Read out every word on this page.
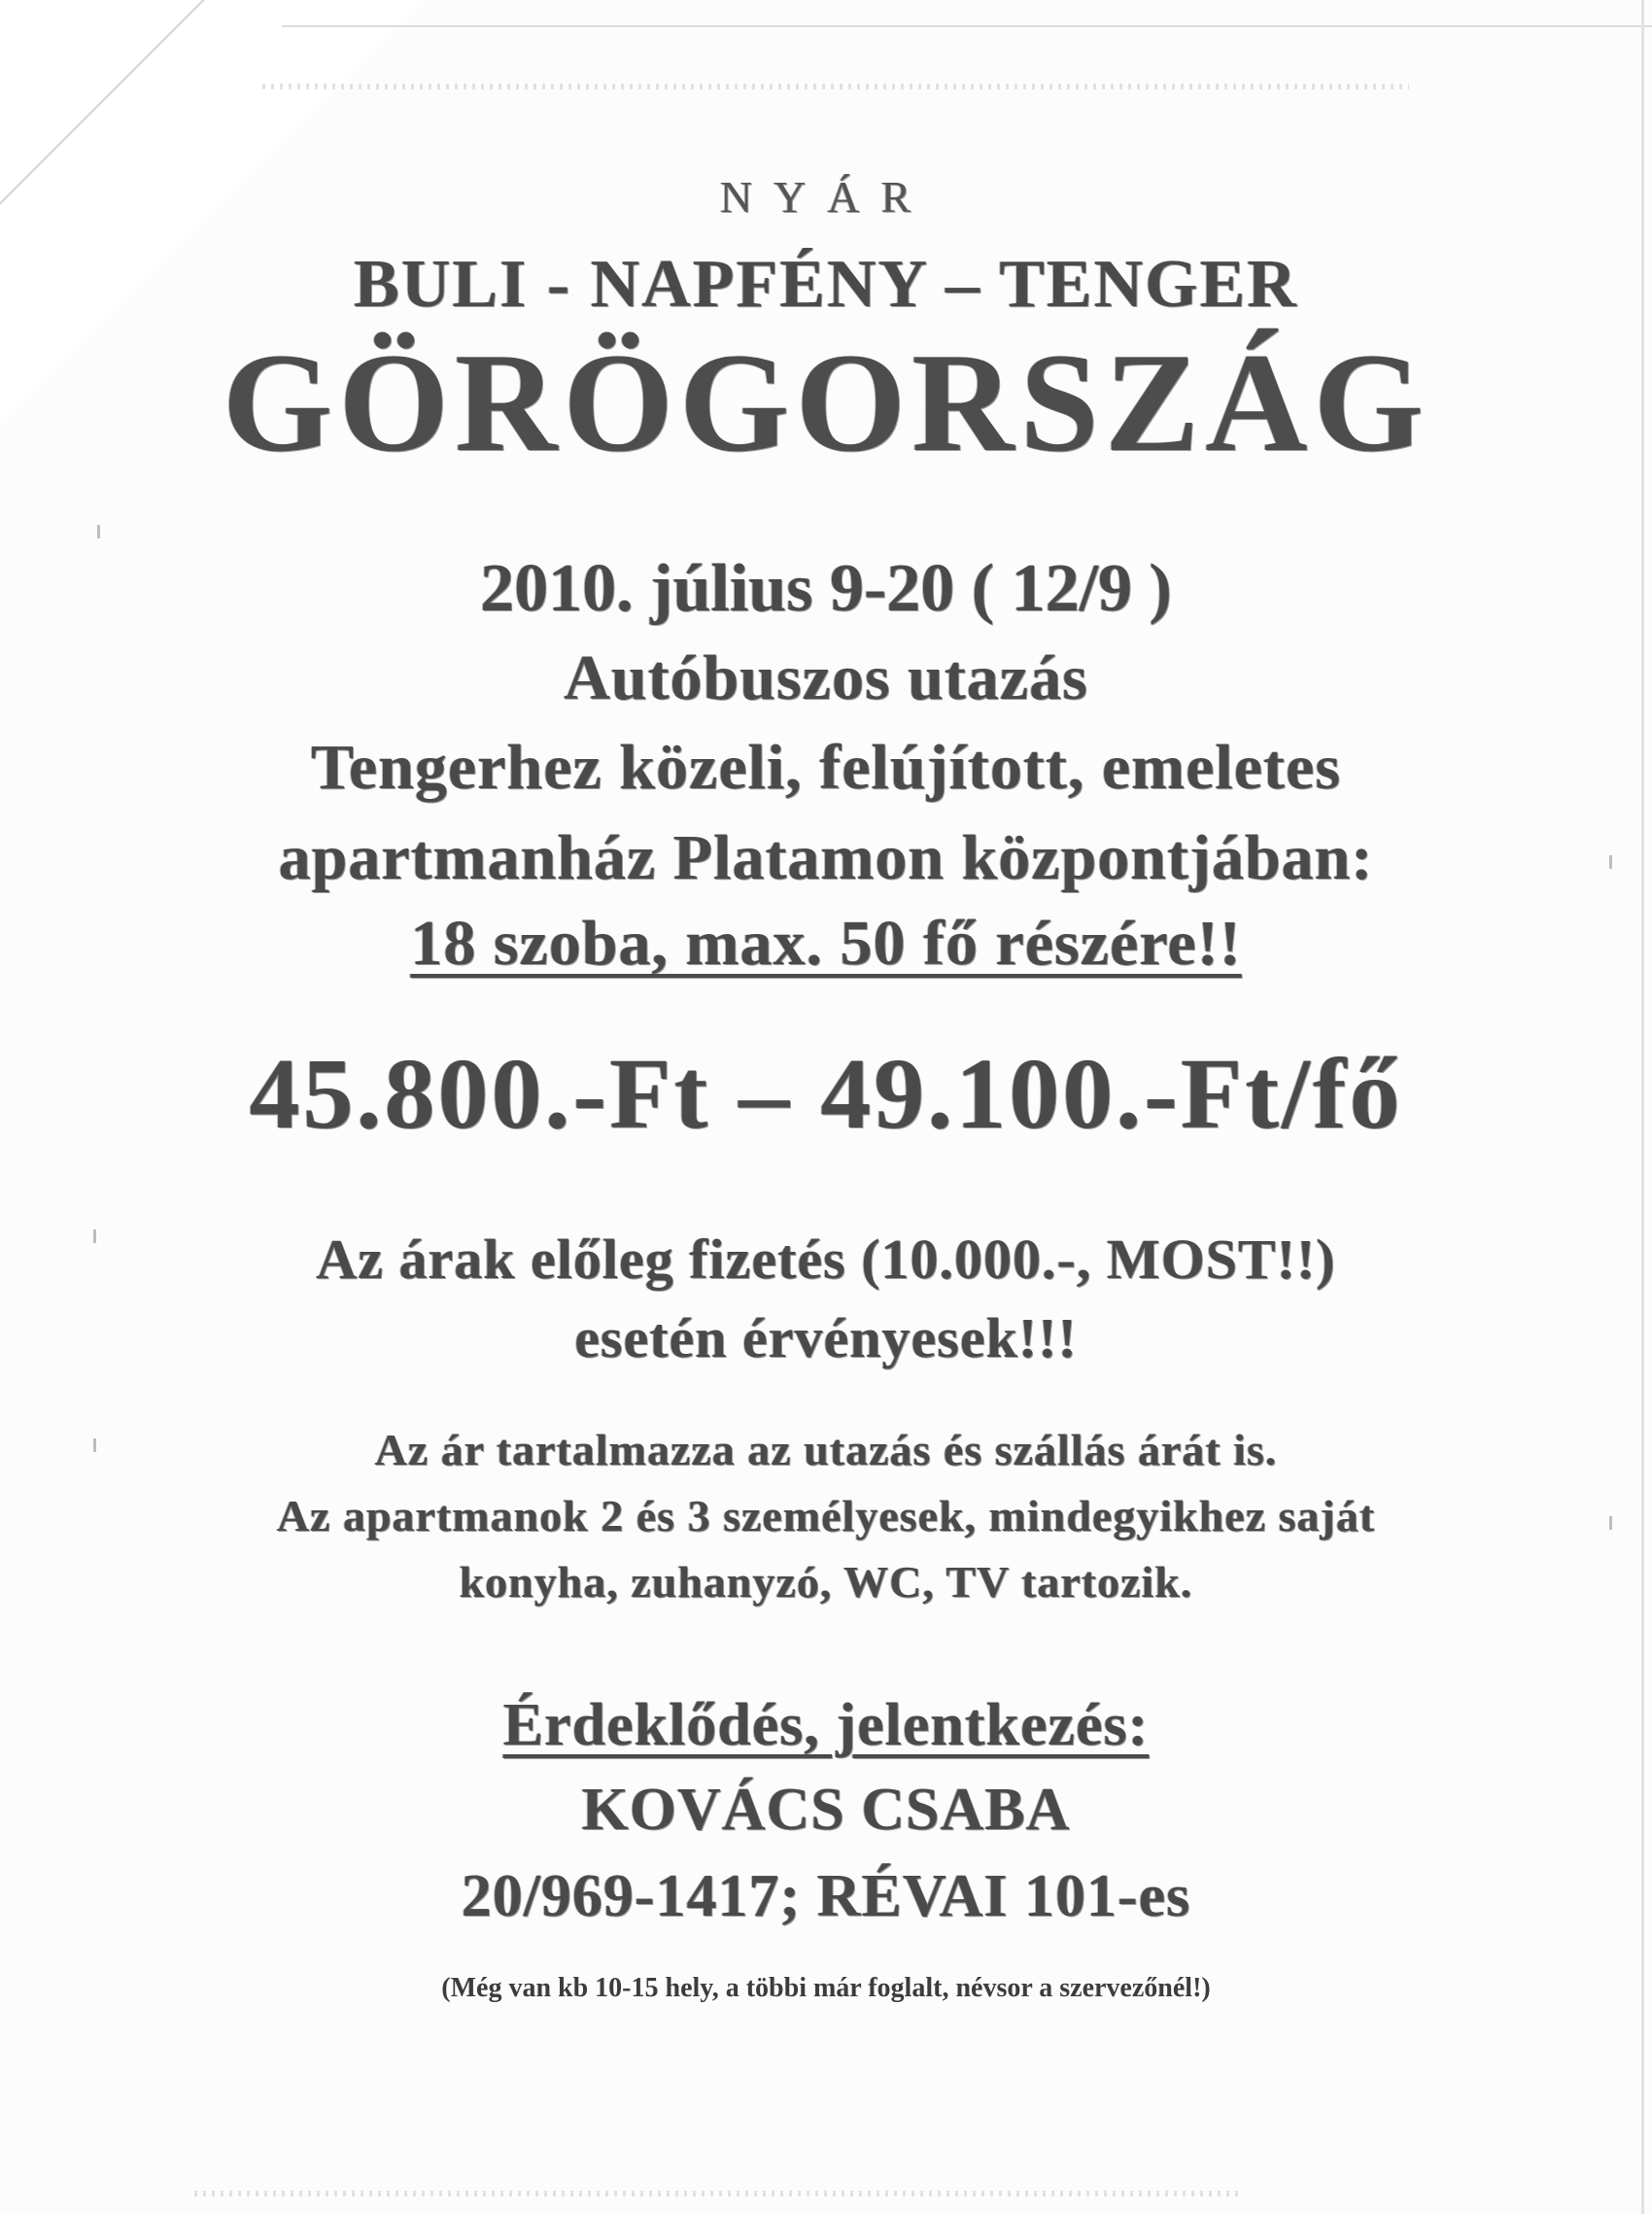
NYÁR
BULI - NAPFÉNY – TENGER
GÖRÖGORSZÁG
2010. július 9-20 ( 12/9 )
Autóbuszos utazás
Tengerhez közeli, felújított, emeletes
apartmanház Platamon központjában:
18 szoba, max. 50 fő részére!!
45.800.-Ft – 49.100.-Ft/fő
Az árak előleg fizetés (10.000.-, MOST!!)
esetén érvényesek!!!
Az ár tartalmazza az utazás és szállás árát is.
Az apartmanok 2 és 3 személyesek, mindegyikhez saját
konyha, zuhanyzó, WC, TV tartozik.
Érdeklődés, jelentkezés:
KOVÁCS CSABA
20/969-1417; RÉVAI 101-es
(Még van kb 10-15 hely, a többi már foglalt, névsor a szervezőnél!)
